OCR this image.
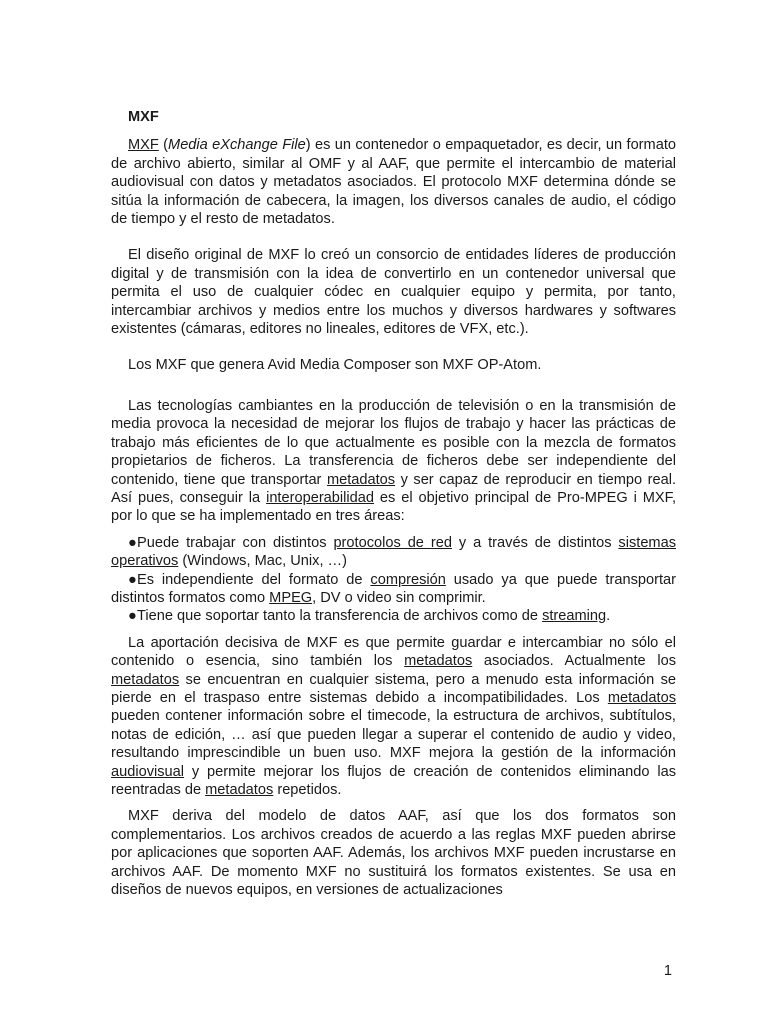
MXF

MXF (Media eXchange File) es un contenedor o empaquetador, es decir, un formato de archivo abierto, similar al OMF y al AAF, que permite el intercambio de material audiovisual con datos y metadatos asociados. El protocolo MXF determina dónde se sitúa la información de cabecera, la imagen, los diversos canales de audio, el código de tiempo y el resto de metadatos.

El diseño original de MXF lo creó un consorcio de entidades líderes de producción digital y de transmisión con la idea de convertirlo en un contenedor universal que permita el uso de cualquier códec en cualquier equipo y permita, por tanto, intercambiar archivos y medios entre los muchos y diversos hardwares y softwares existentes (cámaras, editores no lineales, editores de VFX, etc.).

Los MXF que genera Avid Media Composer son MXF OP-Atom.

Las tecnologías cambiantes en la producción de televisión o en la transmisión de media provoca la necesidad de mejorar los flujos de trabajo y hacer las prácticas de trabajo más eficientes de lo que actualmente es posible con la mezcla de formatos propietarios de ficheros. La transferencia de ficheros debe ser independiente del contenido, tiene que transportar metadatos y ser capaz de reproducir en tiempo real. Así pues, conseguir la interoperabilidad es el objetivo principal de Pro-MPEG i MXF, por lo que se ha implementado en tres áreas:

●Puede trabajar con distintos protocolos de red y a través de distintos sistemas operativos (Windows, Mac, Unix, …)
●Es independiente del formato de compresión usado ya que puede transportar distintos formatos como MPEG, DV o video sin comprimir.
●Tiene que soportar tanto la transferencia de archivos como de streaming.

La aportación decisiva de MXF es que permite guardar e intercambiar no sólo el contenido o esencia, sino también los metadatos asociados. Actualmente los metadatos se encuentran en cualquier sistema, pero a menudo esta información se pierde en el traspaso entre sistemas debido a incompatibilidades. Los metadatos pueden contener información sobre el timecode, la estructura de archivos, subtítulos, notas de edición, … así que pueden llegar a superar el contenido de audio y video, resultando imprescindible un buen uso. MXF mejora la gestión de la información audiovisual y permite mejorar los flujos de creación de contenidos eliminando las reentradas de metadatos repetidos.

MXF deriva del modelo de datos AAF, así que los dos formatos son complementarios. Los archivos creados de acuerdo a las reglas MXF pueden abrirse por aplicaciones que soporten AAF. Además, los archivos MXF pueden incrustarse en archivos AAF. De momento MXF no sustituirá los formatos existentes. Se usa en diseños de nuevos equipos, en versiones de actualizaciones

1
